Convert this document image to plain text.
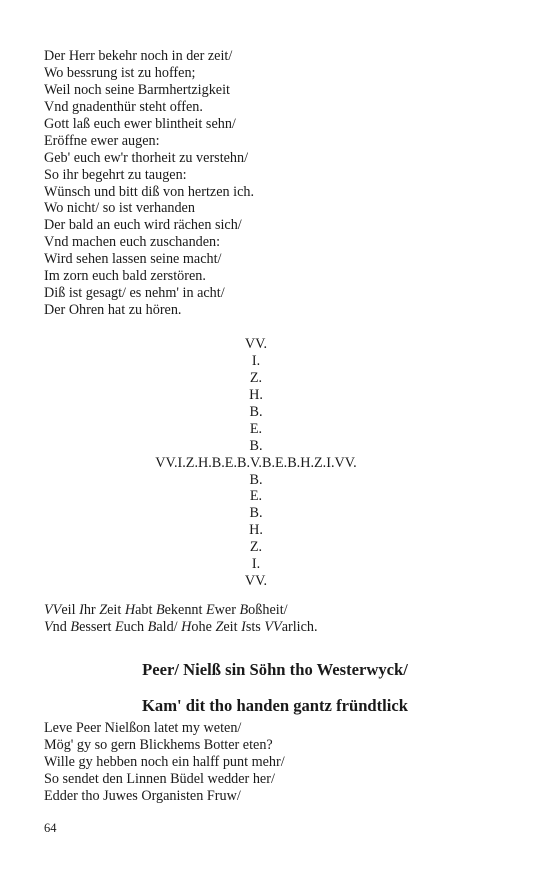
Der Herr bekehr noch in der zeit/
Wo bessrung ist zu hoffen;
Weil noch seine Barmhertzigkeit
Vnd gnadenthür steht offen.
Gott laß euch ewer blintheit sehn/
Eröffne ewer augen:
Geb' euch ew'r thorheit zu verstehn/
So ihr begehrt zu taugen:
Wünsch und bitt diß von hertzen ich.
Wo nicht/ so ist verhanden
Der bald an euch wird rächen sich/
Vnd machen euch zuschanden:
Wird sehen lassen seine macht/
Im zorn euch bald zerstören.
Diß ist gesagt/ es nehm' in acht/
Der Ohren hat zu hören.
VV.
I.
Z.
H.
B.
E.
B.
VV.I.Z.H.B.E.B.V.B.E.B.H.Z.I.VV.
B.
E.
B.
H.
Z.
I.
VV.
VVeil Ihr Zeit Habt Bekennt Ewer Boßheit/
Vnd Bessert Euch Bald/ Hohe Zeit Ists VVarlich.
Peer/ Nielß sin Söhn tho Westerwyck/
Kam' dit tho handen gantz fründtlick
Leve Peer Nielßon latet my weten/
Mög' gy so gern Blickhems Botter eten?
Wille gy hebben noch ein halff punt mehr/
So sendet den Linnen Büdel wedder her/
Edder tho Juwes Organisten Fruw/
64
